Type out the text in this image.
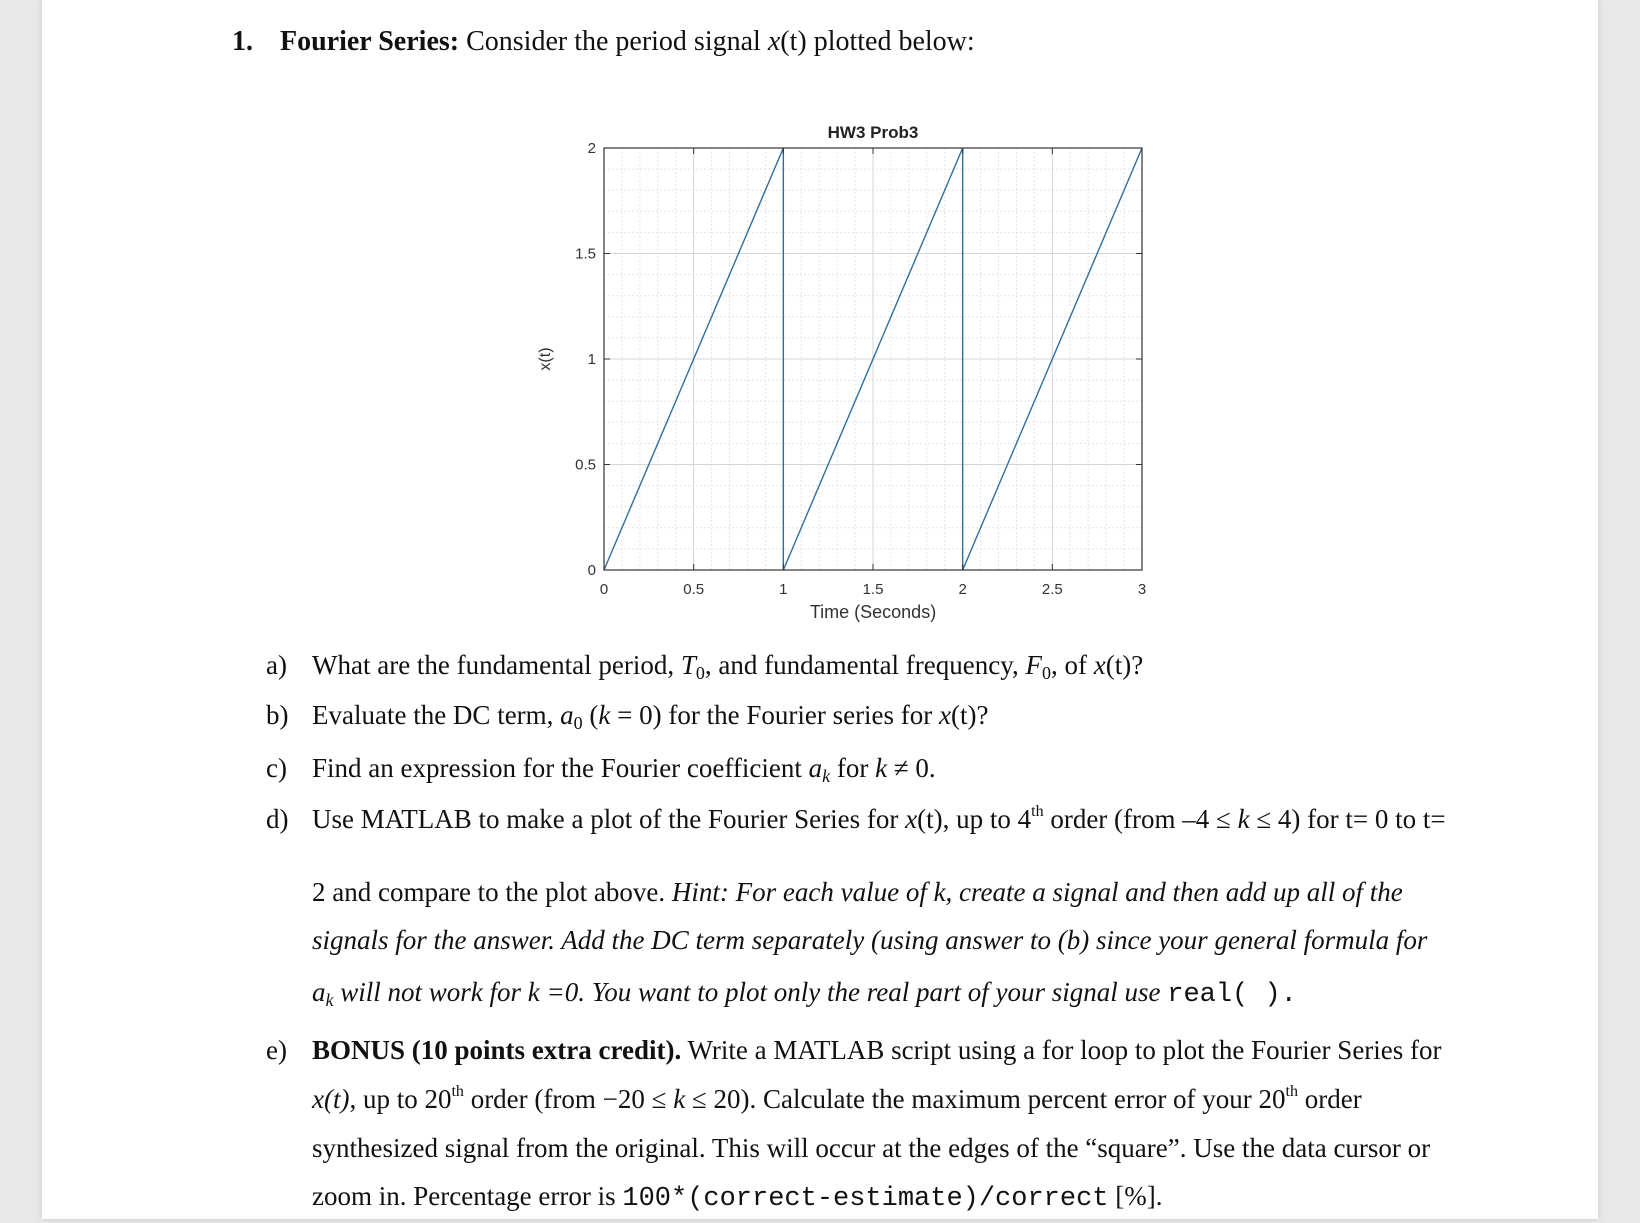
1. Fourier Series: Consider the period signal x(t) plotted below:
0	0.5	1	1.5	2	2.5	3
0
0.5
1
1.5
2
HW3 Prob3
Time (Seconds)
x(t)
a) What are the fundamental period, $T_0$, and fundamental frequency, $F_0$, of x(t)?
b) Evaluate the DC term, $a_0$ (k = 0) for the Fourier series for x(t)?
c) Find an expression for the Fourier coefficient $a_k$ for k ≠ 0.
d) Use MATLAB to make a plot of the Fourier Series for x(t), up to 4th order (from –4 ≤ k ≤ 4) for t= 0 to t=
2 and compare to the plot above. Hint: For each value of k, create a signal and then add up all of the
signals for the answer. Add the DC term separately (using answer to (b) since your general formula for
$a_k$ will not work for k =0. You want to plot only the real part of your signal use real( ).
e) BONUS (10 points extra credit). Write a MATLAB script using a for loop to plot the Fourier Series for
x(t), up to 20th order (from −20 ≤ k ≤ 20). Calculate the maximum percent error of your 20th order
synthesized signal from the original. This will occur at the edges of the “square”. Use the data cursor or
zoom in. Percentage error is 100*(correct-estimate)/correct [%].
